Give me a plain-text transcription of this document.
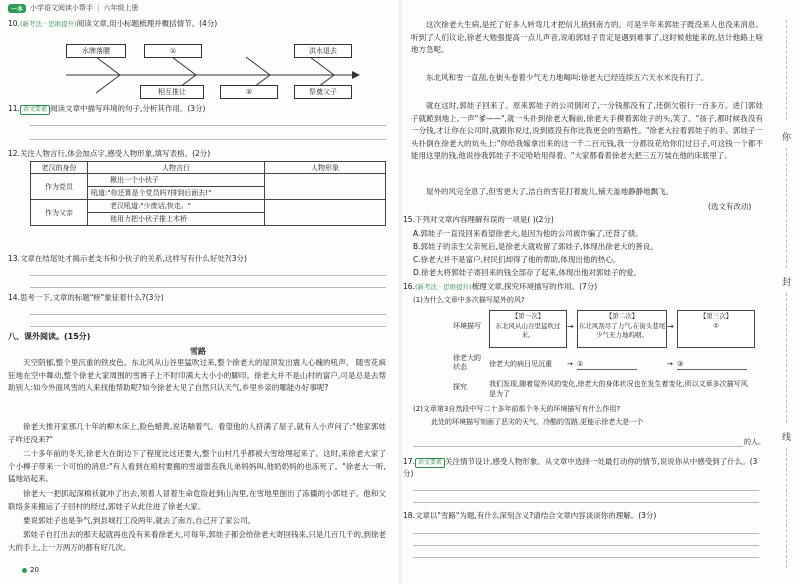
一本	小学语文阅读小帮手 | 六年级上册
10.(新考法 · 思维提升)阅读文章,用小标题梳理并概括情节。(4分)
水牌落腰	①	洪水退去
相互推让	②	祭奠父子
11. 语文要素 阅读文章中描写环境的句子,分析其作用。(3分)
12.关注人物言行,体会加点字,感受人物形象,填写表格。(2分)
老汉的身份	人物言行	人物形象
作为党员	揪出一个小伙子	
	吼道:"你还算是个党员吗?排到后面去!"	
作为父亲	老汉吼道:"少废话,快走。"	
	他用力把小伙子推上木桥	
13.文章在结尾处才揭示老支书和小伙子的关系,这样写有什么好处?(3分)
14.思考一下,文章的标题"桥"象征着什么?(3分)
八、课外阅读。(15分)
雪路
天空阴郁,整个里沉重的铁皮色。东北风从山谷里猛吹过来,整个徐老大的屋顶发出震人心魄的吼声。 随雪花疯狂地在空中舞动,整个徐老大家周围的雪裤子上不时印满大大小小的脚印。徐老大并不是山村的富户,可是总是去帮助别人:如今外面风雪的人来找他帮助呢?如今徐老大见了自然只认天气,乡里乡亲的哪能办好事呢?
徐老大推开家那几十年的柳木床上,脸色蜡黄,说话喘着气。看望他的人挤满了屋子,就有人小声问了:"他家郭娃子咋还没来?"
二十多年前的冬天,徐老大在街边下了程度比这还要大,整个山村几乎都被大雪给埋起来了。这时,来徐老大家了个小柳子带来一个可怕的消息:"有人看到在咱村要搬的雪道雷丧我儿弟妈妈叫,他奶奶妈的也冻死了。"徐老大一听,猛地站起来。
徐老大一把抓起深棉袄就冲了出去,领着人冒着生命危险赶到山沟里,在雪地里刨出了冻僵的小郭娃子。他和父联络多来搬运了子回村的经过,郭娃子从此住进了徐老大家。
要说郭娃子也是争气,到县城打工没两年,就去了南方,自己开了家公司。
郭娃子自打出去的那天起就再也没有来看徐老大,可每年,郭娃子都会给徐老大寄回钱来,只是几百几千的,到徐老大的手上,上一万两万的都有好几次。
20
这次徐老大生病,是托了好多人转弯几才把信儿捎到南方的。可是半年来郭娃子既没来人也没来消息。听到了人们议论,徐老大勉强提高一点儿声音,说咱郭娃子肯定是遇到难事了,这时候他能来的,估计他路上啥地方急呢。
东北风和雪一直刮,在街头卷着少气无力地喝叫:徐老大已经连续五六天水米没有打了。
就在这时,郭娃子回来了。原来郭娃子的公司倒闭了,一分钱都没有了,还倒欠银行一百多万。进门郭娃子就跪到地上,一声"爹——",就一头扑到徐老大胸前,徐老大手摸着郭娃子的头,笑了。"孩子,都时候我没有一分钱,才让你在公司时,就跟你说过,说到底没有你比我更会的雪路性。"徐老大拉着郭娃子的手。郭娃子一头扑倒在徐老大的炕头上:"你给我嫁拿出来的这一千二百元钱,我一分都没花给你们过日子,可这钱一个都不能用这里的钱,他说待我郭娃子不定哈哈用得着。"大家都看着徐老大把三五万装在他的床底里了。
屋外的风完全息了,但雪更大了,洁白的雪花打着旋儿,铺天盖地静静地飘飞。
(选文有改动)
15.下列对文章内容理解有误的一项是( )(2分)
A.郭娃子一直没回来看望徐老大,是因为他的公司被诈骗了,还背了债。
B.郭娃子的亲生父亲死后,是徐老大就收留了郭娃子,体现出徐老大的善良。
C.徐老大并不是富户,村民们却得了他的帮助,体现出他的热心。
D.徐老大将郭娃子寄回来的钱全部存了起来,体现出他对郭娃子的爱。
16.(新考法 · 思维提升)梳理文章,探究环境描写的作用。(7分)
(1)为什么文章中多次描写屋外的风?
环境描写
【第一次】
东北风从山谷里猛吹过来。
→
【第二次】
东北风刮尽了力气,在街头巷尾少气无力地呜咽。
→
【第三次】
②
徐老大的状态	徐老大的病日见沉重 → ①	→ ③
探究	我们发现,随着屋外风的变化,徐老大的身体状况也在发生着变化,所以文章多次描写风是为了
(2)文章第3自然段中写二十多年前那个冬天的环境描写有什么作用?
此处的环境描写刻画了恶劣的天气、冷酷的雪路,更能示徐老大是一个
的人。
17. 语文要素 关注情节设计,感受人物形象。从文章中选择一处最打动你的情节,说说你从中感受到了什么。(3分)
18.文章以"雪路"为题,有什么深刻含义?请结合文章内容谈谈你的理解。(3分)
你
封
线
